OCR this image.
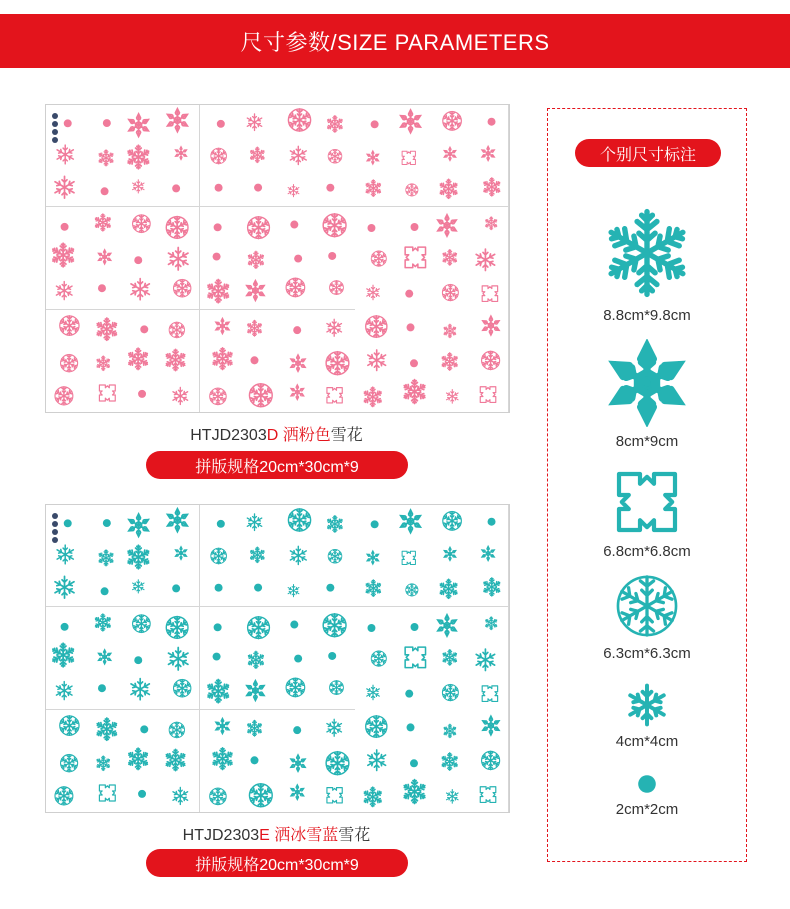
尺寸参数/SIZE PARAMETERS
HTJD2303D 洒粉色雪花
拼版规格20cm*30cm*9
HTJD2303E 洒冰雪蓝雪花
拼版规格20cm*30cm*9
个别尺寸标注
8.8cm*9.8cm
8cm*9cm
6.8cm*6.8cm
6.3cm*6.3cm
4cm*4cm
2cm*2cm
